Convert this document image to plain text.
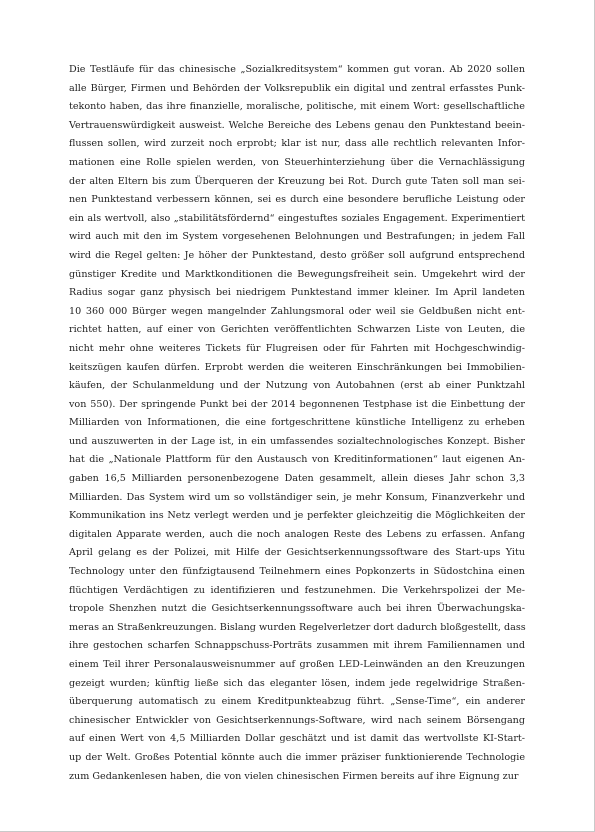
Die Testläufe für das chinesische „Sozialkreditsystem“ kommen gut voran. Ab 2020 sollen
alle Bürger, Firmen und Behörden der Volksrepublik ein digital und zentral erfasstes Punk-
tekonto haben, das ihre finanzielle, moralische, politische, mit einem Wort: gesellschaftliche
Vertrauenswürdigkeit ausweist. Welche Bereiche des Lebens genau den Punktestand beein-
flussen sollen, wird zurzeit noch erprobt; klar ist nur, dass alle rechtlich relevanten Infor-
mationen eine Rolle spielen werden, von Steuerhinterziehung über die Vernachlässigung
der alten Eltern bis zum Überqueren der Kreuzung bei Rot. Durch gute Taten soll man sei-
nen Punktestand verbessern können, sei es durch eine besondere berufliche Leistung oder
ein als wertvoll, also „stabilitätsfördernd“ eingestuftes soziales Engagement. Experimentiert
wird auch mit den im System vorgesehenen Belohnungen und Bestrafungen; in jedem Fall
wird die Regel gelten: Je höher der Punktestand, desto größer soll aufgrund entsprechend
günstiger Kredite und Marktkonditionen die Bewegungsfreiheit sein. Umgekehrt wird der
Radius sogar ganz physisch bei niedrigem Punktestand immer kleiner. Im April landeten
10 360 000 Bürger wegen mangelnder Zahlungsmoral oder weil sie Geldbußen nicht ent-
richtet hatten, auf einer von Gerichten veröffentlichten Schwarzen Liste von Leuten, die
nicht mehr ohne weiteres Tickets für Flugreisen oder für Fahrten mit Hochgeschwindig-
keitszügen kaufen dürfen. Erprobt werden die weiteren Einschränkungen bei Immobilien-
käufen, der Schulanmeldung und der Nutzung von Autobahnen (erst ab einer Punktzahl
von 550). Der springende Punkt bei der 2014 begonnenen Testphase ist die Einbettung der
Milliarden von Informationen, die eine fortgeschrittene künstliche Intelligenz zu erheben
und auszuwerten in der Lage ist, in ein umfassendes sozialtechnologisches Konzept. Bisher
hat die „Nationale Plattform für den Austausch von Kreditinformationen“ laut eigenen An-
gaben 16,5 Milliarden personenbezogene Daten gesammelt, allein dieses Jahr schon 3,3
Milliarden. Das System wird um so vollständiger sein, je mehr Konsum, Finanzverkehr und
Kommunikation ins Netz verlegt werden und je perfekter gleichzeitig die Möglichkeiten der
digitalen Apparate werden, auch die noch analogen Reste des Lebens zu erfassen. Anfang
April gelang es der Polizei, mit Hilfe der Gesichtserkennungssoftware des Start-ups Yitu
Technology unter den fünfzigtausend Teilnehmern eines Popkonzerts in Südostchina einen
flüchtigen Verdächtigen zu identifizieren und festzunehmen. Die Verkehrspolizei der Me-
tropole Shenzhen nutzt die Gesichtserkennungssoftware auch bei ihren Überwachungska-
meras an Straßenkreuzungen. Bislang wurden Regelverletzer dort dadurch bloßgestellt, dass
ihre gestochen scharfen Schnappschuss-Porträts zusammen mit ihrem Familiennamen und
einem Teil ihrer Personalausweisnummer auf großen LED-Leinwänden an den Kreuzungen
gezeigt wurden; künftig ließe sich das eleganter lösen, indem jede regelwidrige Straßen-
überquerung automatisch zu einem Kreditpunktеabzug führt. „Sense-Time“, ein anderer
chinesischer Entwickler von Gesichtserkennungs-Software, wird nach seinem Börsengang
auf einen Wert von 4,5 Milliarden Dollar geschätzt und ist damit das wertvollste KI-Start-
up der Welt. Großes Potential könnte auch die immer präziser funktionierende Technologie
zum Gedankenlesen haben, die von vielen chinesischen Firmen bereits auf ihre Eignung zur
